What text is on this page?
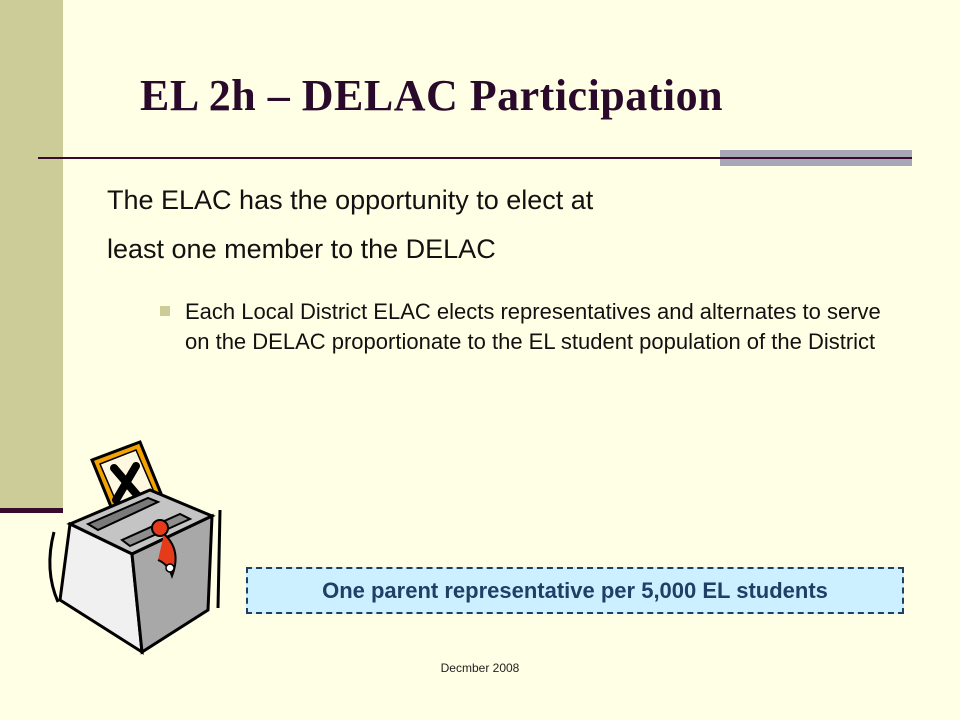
EL 2h – DELAC Participation
The ELAC has the opportunity to elect at
least one member to the DELAC
Each Local District ELAC elects representatives and alternates to serve on the DELAC proportionate to the EL student population of the District
One parent representative per 5,000 EL students
Decmber 2008
